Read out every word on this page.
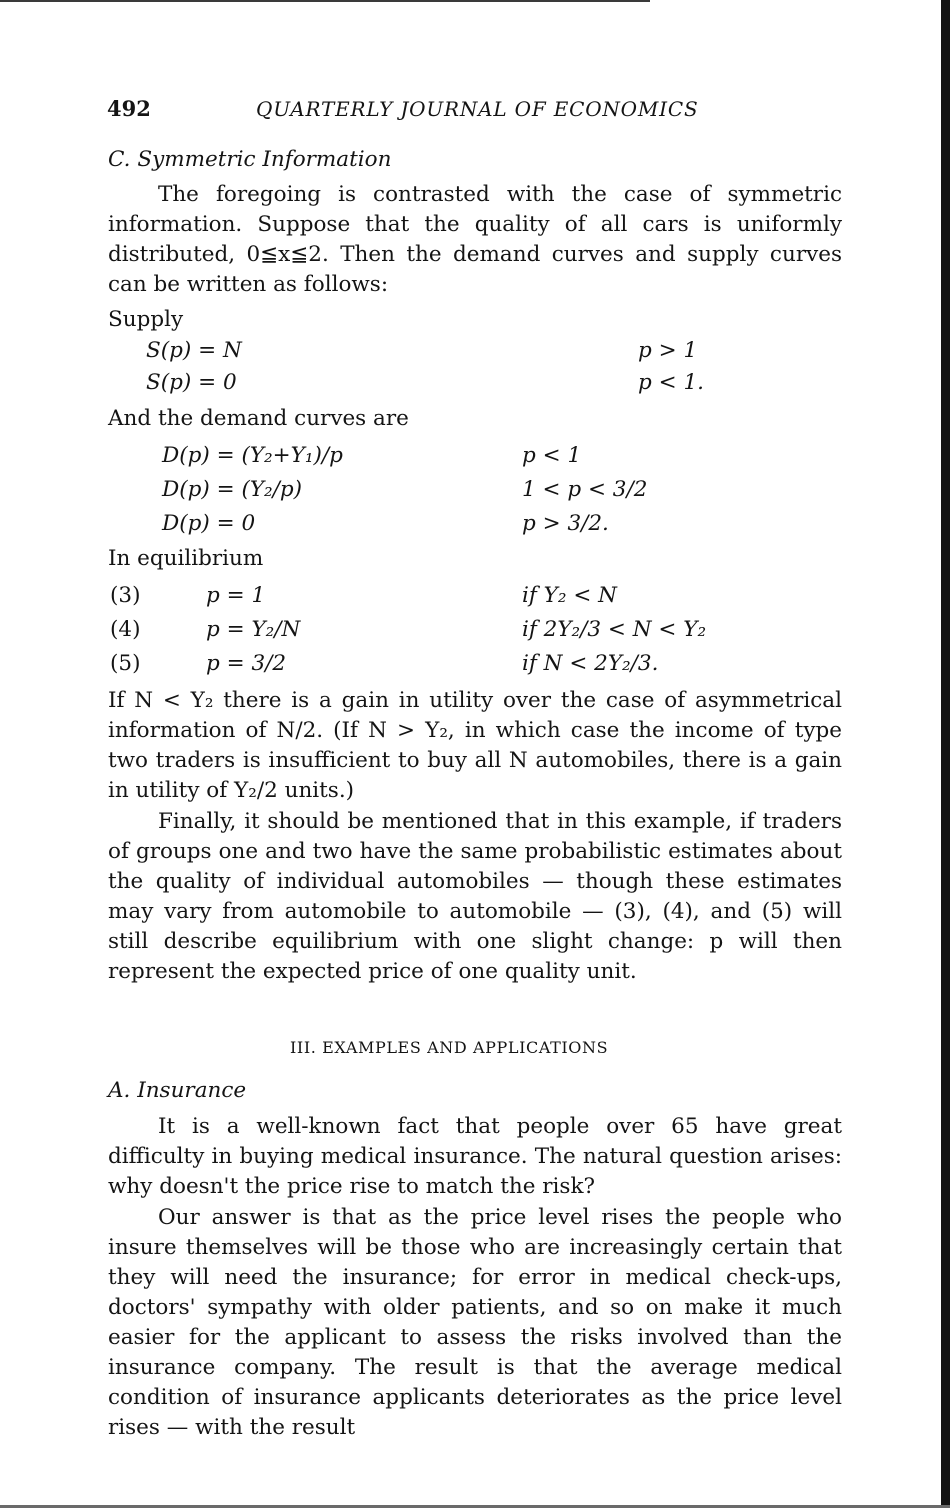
492	QUARTERLY JOURNAL OF ECONOMICS
C. Symmetric Information
The foregoing is contrasted with the case of symmetric information. Suppose that the quality of all cars is uniformly distributed, 0≦x≦2. Then the demand curves and supply curves can be written as follows:
Supply
S(p) = N	p > 1
S(p) = 0	p < 1.
And the demand curves are
D(p) = (Y₂+Y₁)/p	p < 1
D(p) = (Y₂/p)	1 < p < 3/2
D(p) = 0	p > 3/2.
In equilibrium
(3)	p = 1	if Y₂ < N
(4)	p = Y₂/N	if 2Y₂/3 < N < Y₂
(5)	p = 3/2	if N < 2Y₂/3.
If N < Y₂ there is a gain in utility over the case of asymmetrical information of N/2. (If N > Y₂, in which case the income of type two traders is insufficient to buy all N automobiles, there is a gain in utility of Y₂/2 units.)
Finally, it should be mentioned that in this example, if traders of groups one and two have the same probabilistic estimates about the quality of individual automobiles — though these estimates may vary from automobile to automobile — (3), (4), and (5) will still describe equilibrium with one slight change: p will then represent the expected price of one quality unit.
III. EXAMPLES AND APPLICATIONS
A. Insurance
It is a well-known fact that people over 65 have great difficulty in buying medical insurance. The natural question arises: why doesn't the price rise to match the risk?
Our answer is that as the price level rises the people who insure themselves will be those who are increasingly certain that they will need the insurance; for error in medical check-ups, doctors' sympathy with older patients, and so on make it much easier for the applicant to assess the risks involved than the insurance company. The result is that the average medical condition of insurance applicants deteriorates as the price level rises — with the result
